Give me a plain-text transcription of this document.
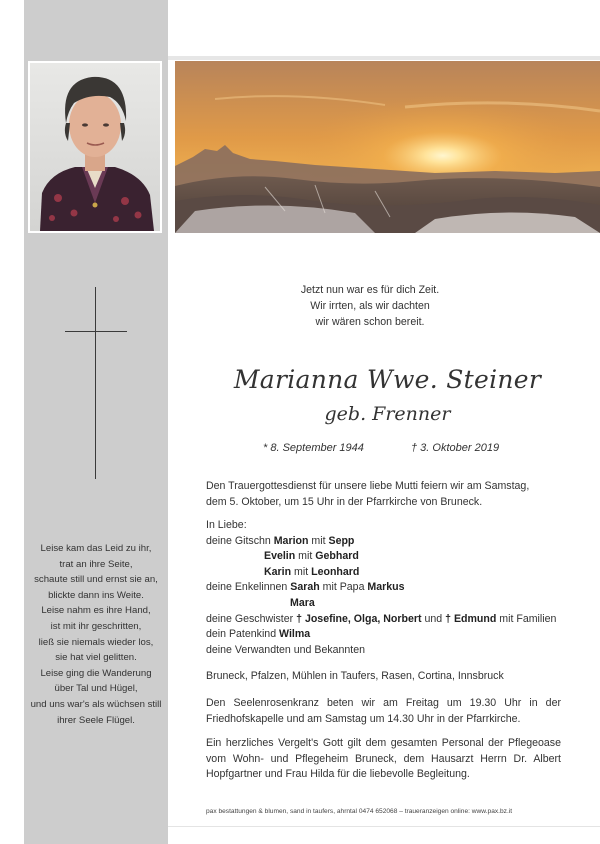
Leise kam das Leid zu ihr,
trat an ihre Seite,
schaute still und ernst sie an,
blickte dann ins Weite.
Leise nahm es ihre Hand,
ist mit ihr geschritten,
ließ sie niemals wieder los,
sie hat viel gelitten.
Leise ging die Wanderung
über Tal und Hügel,
und uns war's als wüchsen still
ihrer Seele Flügel.
Jetzt nun war es für dich Zeit.
Wir irrten, als wir dachten
wir wären schon bereit.
Marianna Wwe. Steiner
geb. Frenner
* 8. September 1944	† 3. Oktober 2019
Den Trauergottesdienst für unsere liebe Mutti feiern wir am Samstag,
dem 5. Oktober, um 15 Uhr in der Pfarrkirche von Bruneck.
In Liebe:
deine Gitschn Marion mit Sepp
Evelin mit Gebhard
Karin mit Leonhard
deine Enkelinnen Sarah mit Papa Markus
Mara
deine Geschwister † Josefine, Olga, Norbert und † Edmund mit Familien
dein Patenkind Wilma
deine Verwandten und Bekannten
Bruneck, Pfalzen, Mühlen in Taufers, Rasen, Cortina, Innsbruck
Den Seelenrosenkranz beten wir am Freitag um 19.30 Uhr in der
Friedhofskapelle und am Samstag um 14.30 Uhr in der Pfarrkirche.
Ein herzliches Vergelt's Gott gilt dem gesamten Personal der Pflegeoase
vom Wohn- und Pflegeheim Bruneck, dem Hausarzt Herrn Dr. Albert
Hopfgartner und Frau Hilda für die liebevolle Begleitung.
pax bestattungen & blumen, sand in taufers, ahrntal 0474 652068 – traueranzeigen online: www.pax.bz.it
